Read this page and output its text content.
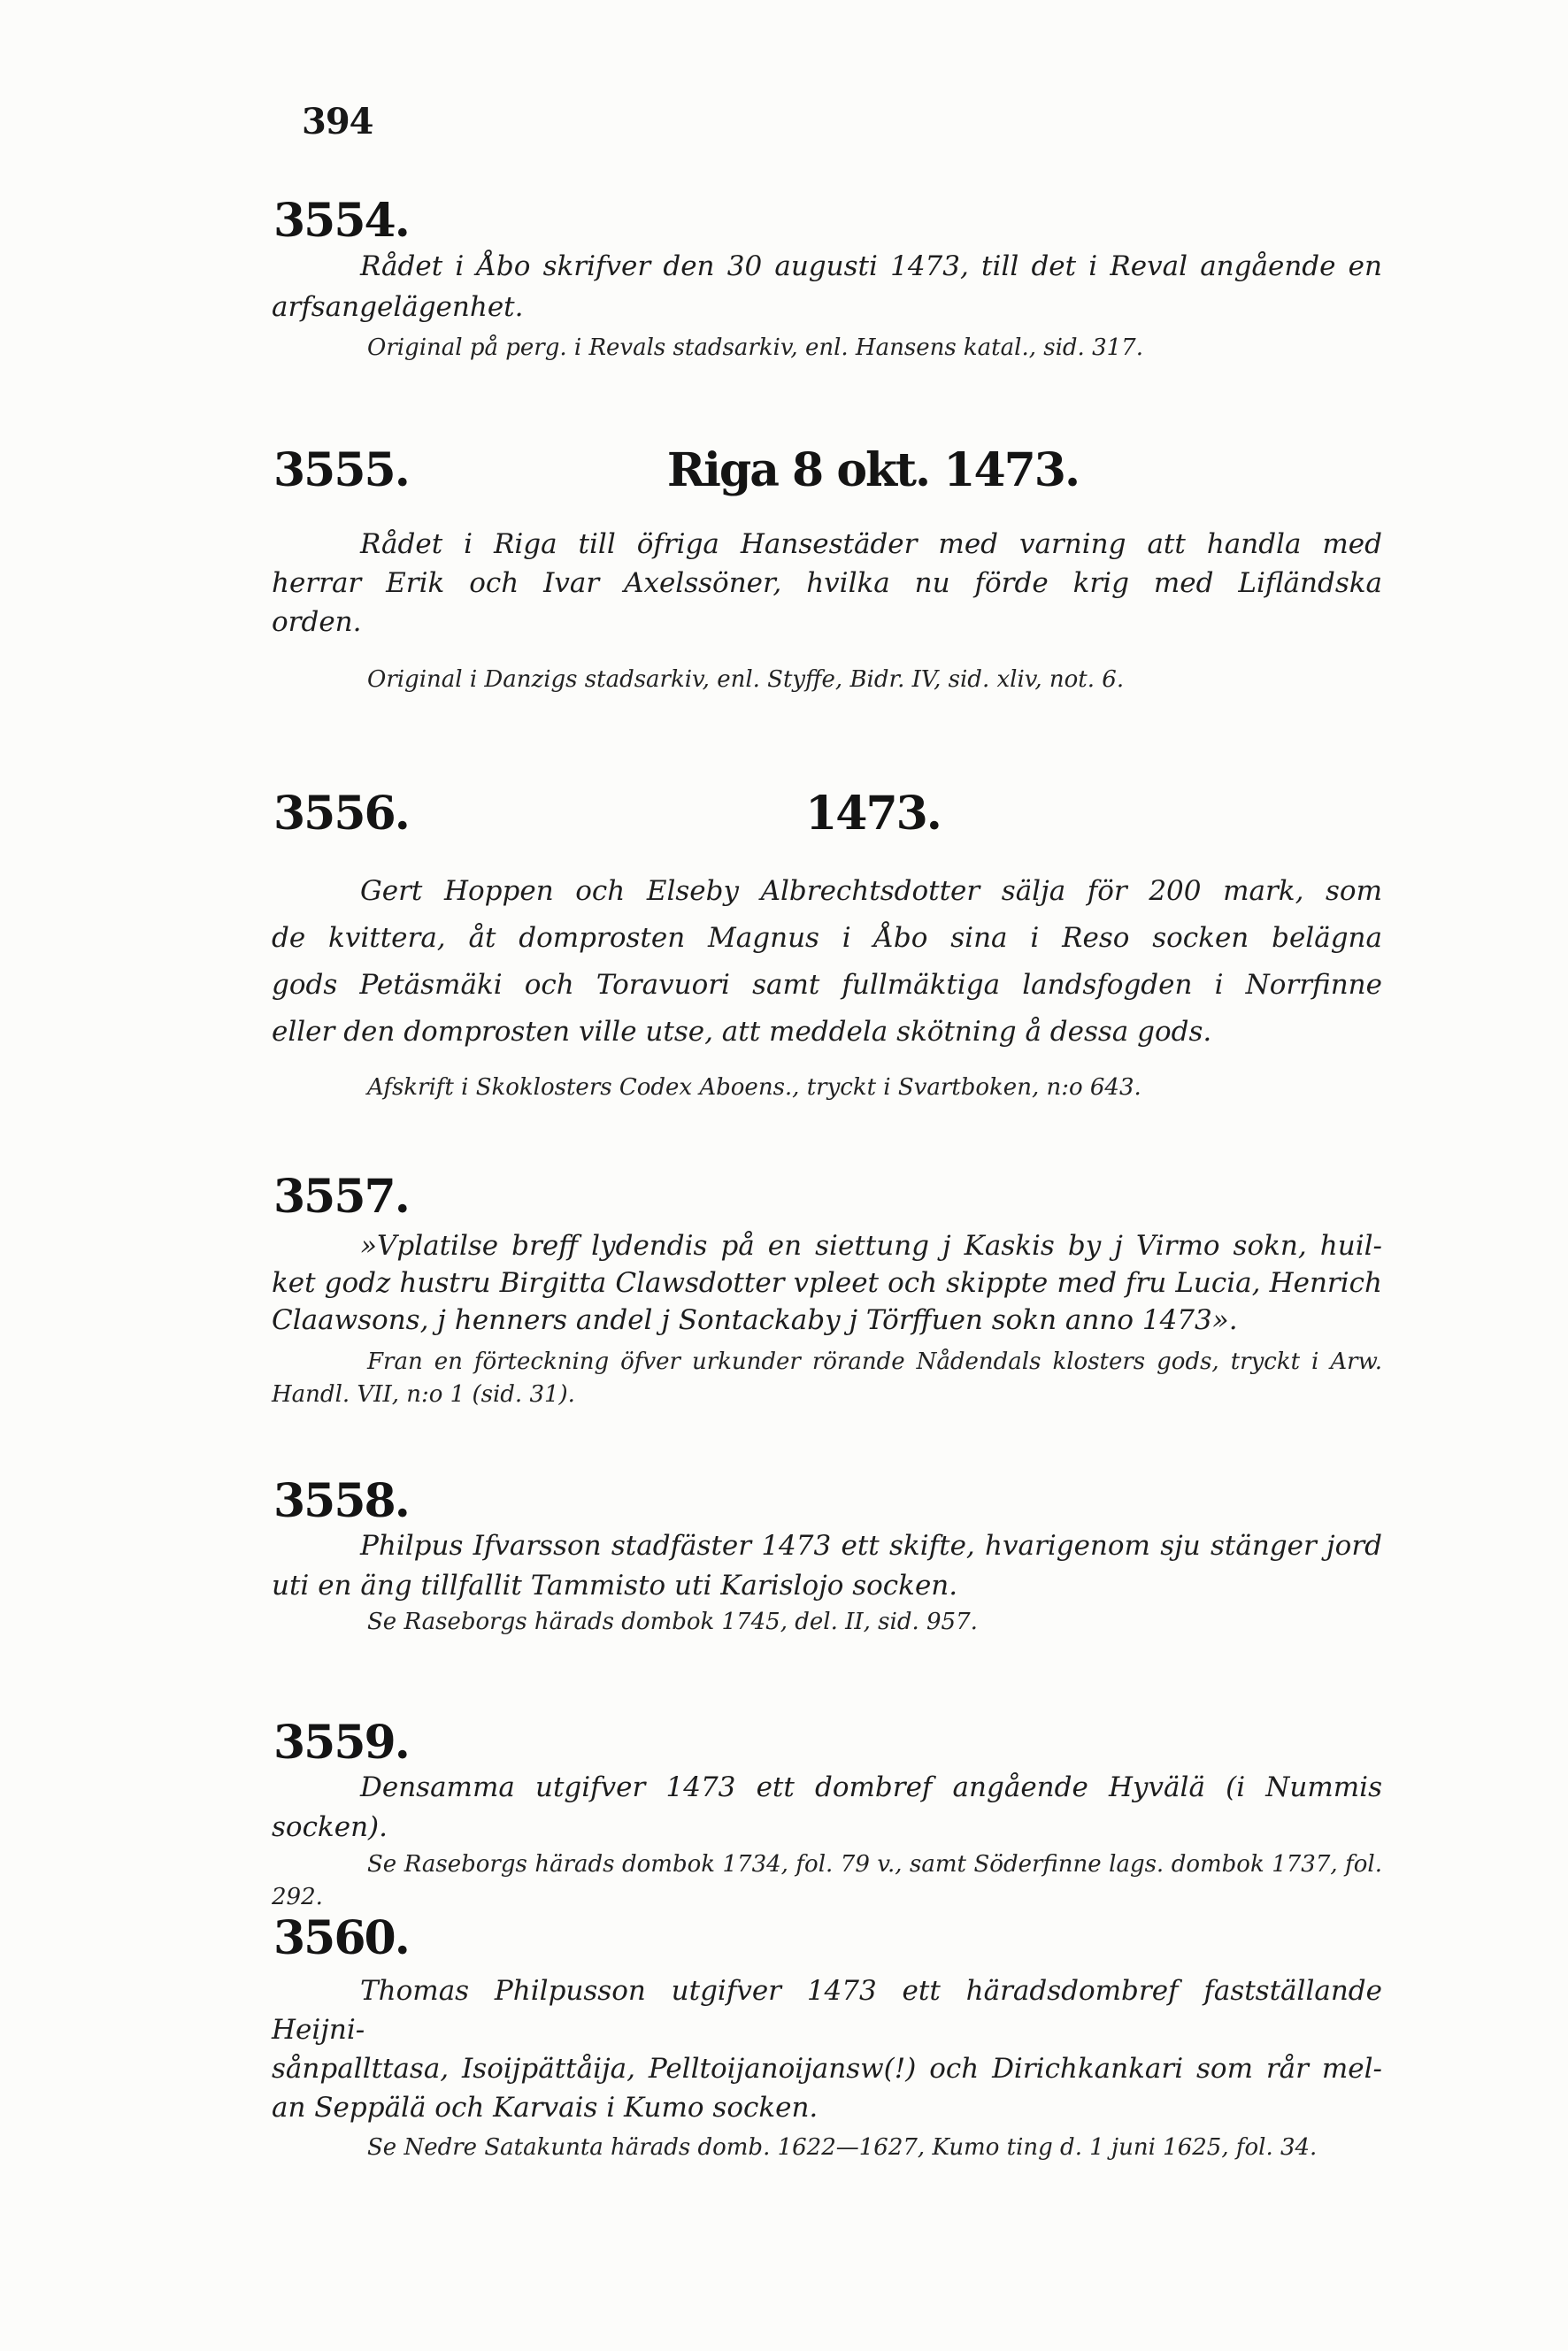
394
3554.
Rådet i Åbo skrifver den 30 augusti 1473, till det i Reval angående en
arfsangelägenhet.
Original på perg. i Revals stadsarkiv, enl. Hansens katal., sid. 317.
3555.	Riga 8 okt. 1473.
Rådet i Riga till öfriga Hansestäder med varning att handla med
herrar Erik och Ivar Axelssöner, hvilka nu förde krig med Lifländska
orden.
Original i Danzigs stadsarkiv, enl. Styffe, Bidr. IV, sid. xliv, not. 6.
3556.	1473.
Gert Hoppen och Elseby Albrechtsdotter sälja för 200 mark, som
de kvittera, åt domprosten Magnus i Åbo sina i Reso socken belägna
gods Petäsmäki och Toravuori samt fullmäktiga landsfogden i Norrfinne
eller den domprosten ville utse, att meddela skötning å dessa gods.
Afskrift i Skoklosters Codex Aboens., tryckt i Svartboken, n:o 643.
3557.
»Vplatilse breff lydendis på en siettung j Kaskis by j Virmo sokn, huil-
ket godz hustru Birgitta Clawsdotter vpleet och skippte med fru Lucia, Henrich
Claawsons, j henners andel j Sontackaby j Törffuen sokn anno 1473».
Fran en förteckning öfver urkunder rörande Nådendals klosters gods, tryckt i Arw.
Handl. VII, n:o 1 (sid. 31).
3558.
Philpus Ifvarsson stadfäster 1473 ett skifte, hvarigenom sju stänger jord
uti en äng tillfallit Tammisto uti Karislojo socken.
Se Raseborgs härads dombok 1745, del. II, sid. 957.
3559.
Densamma utgifver 1473 ett dombref angående Hyvälä (i Nummis socken).
Se Raseborgs härads dombok 1734, fol. 79 v., samt Söderfinne lags. dombok 1737, fol. 292.
3560.
Thomas Philpusson utgifver 1473 ett häradsdombref fastställande Heijni-
sånpallttasa, Isoijpättåija, Pelltoijanoijansw(!) och Dirichkankari som rår mel-
an Seppälä och Karvais i Kumo socken.
Se Nedre Satakunta härads domb. 1622—1627, Kumo ting d. 1 juni 1625, fol. 34.
